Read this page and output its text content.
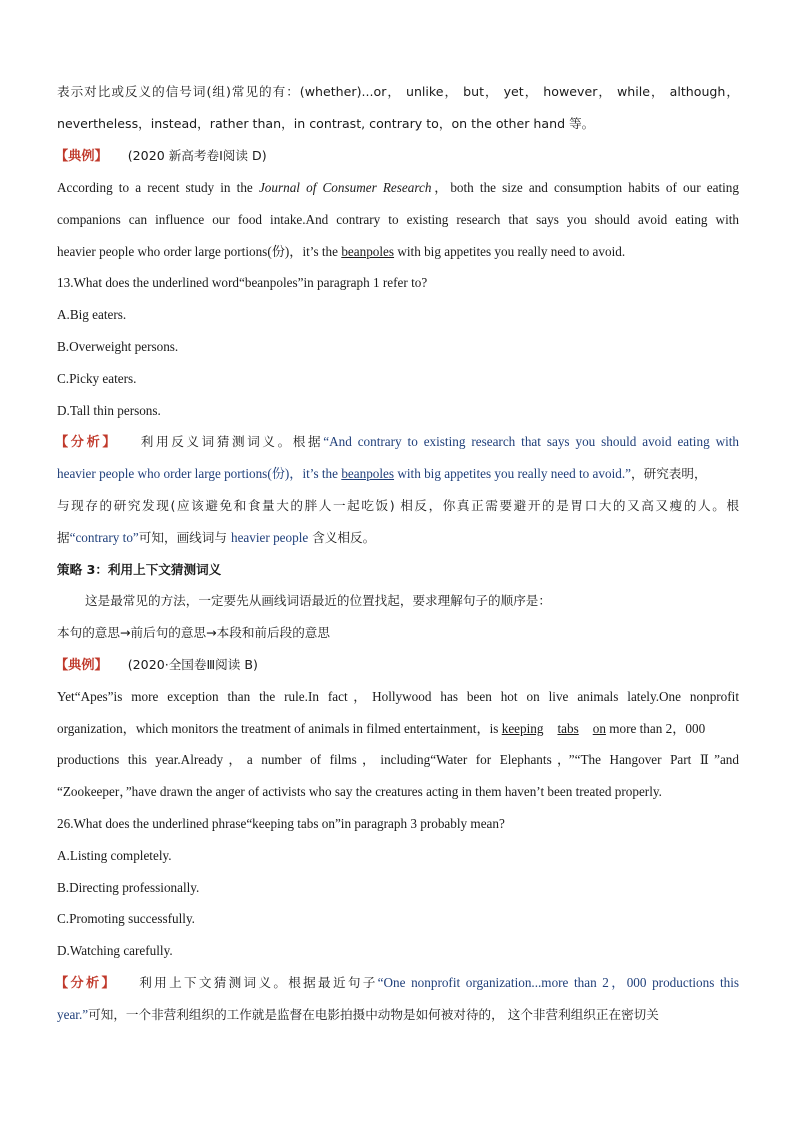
表示对比或反义的信号词(组)常见的有：(whether)...or， unlike， but， yet， however， while， although，
nevertheless，instead，rather than，in contrast, contrary to，on the other hand 等。
【典例】 (2020 新高考卷Ⅰ阅读 D)
According to a recent study in the Journal of Consumer Research，both the size and consumption habits of our eating
companions can influence our food intake.And contrary to existing research that says you should avoid eating with
heavier people who order large portions(份)，it’s the beanpoles with big appetites you really need to avoid.
13.What does the underlined word“beanpoles”in paragraph 1 refer to?
A.Big eaters.
B.Overweight persons.
C.Picky eaters.
D.Tall thin persons.
【分析】 利用反义词猜测词义。根据“And contrary to existing research that says you should avoid eating with
heavier people who order large portions(份)，it’s the beanpoles with big appetites you really need to avoid.”，研究表明，
与现存的研究发现(应该避免和食量大的胖人一起吃饭) 相反，你真正需要避开的是胃口大的又高又瘦的人。根
据“contrary to”可知，画线词与 heavier people 含义相反。
策略 3：利用上下文猜测词义
这是最常见的方法，一定要先从画线词语最近的位置找起，要求理解句子的顺序是：
本句的意思→前后句的意思→本段和前后段的意思
【典例】 (2020·全国卷Ⅲ阅读 B)
Yet“Apes”is more exception than the rule.In fact，Hollywood has been hot on live animals lately.One nonprofit
organization，which monitors the treatment of animals in filmed entertainment，is keeping tabs on more than 2，000
productions this year.Already，a number of films，including“Water for Elephants，”“The Hangover Part Ⅱ”and
“Zookeeper，”have drawn the anger of activists who say the creatures acting in them haven’t been treated properly.
26.What does the underlined phrase“keeping tabs on”in paragraph 3 probably mean?
A.Listing completely.
B.Directing professionally.
C.Promoting successfully.
D.Watching carefully.
【分析】 利用上下文猜测词义。根据最近句子“One nonprofit organization...more than 2，000 productions this
year.”可知，一个非营利组织的工作就是监督在电影拍摄中动物是如何被对待的， 这个非营利组织正在密切关
